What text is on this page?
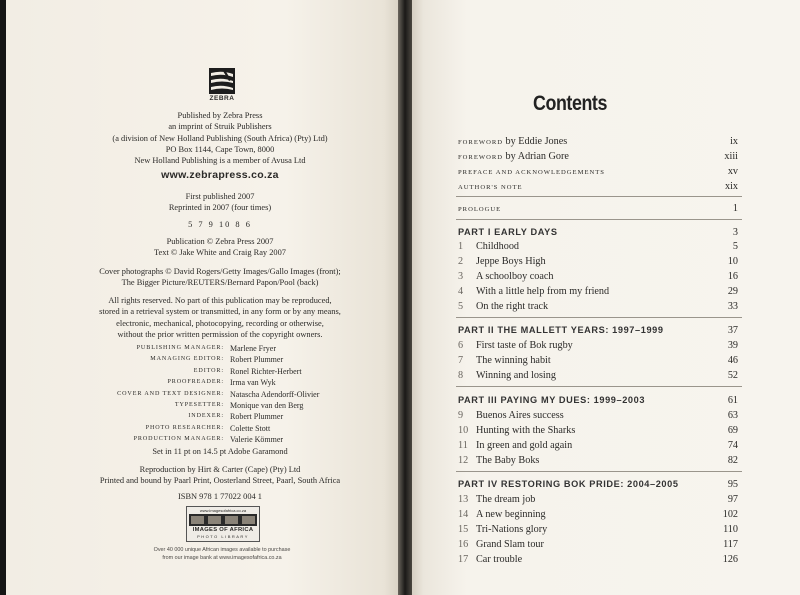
ZEBRA
Published by Zebra Press
an imprint of Struik Publishers
(a division of New Holland Publishing (South Africa) (Pty) Ltd)
PO Box 1144, Cape Town, 8000
New Holland Publishing is a member of Avusa Ltd
www.zebrapress.co.za
First published 2007
Reprinted in 2007 (four times)
5 7 9 10 8 6
Publication © Zebra Press 2007
Text © Jake White and Craig Ray 2007
Cover photographs © David Rogers/Getty Images/Gallo Images (front);
The Bigger Picture/REUTERS/Bernard Papon/Pool (back)
All rights reserved. No part of this publication may be reproduced,
stored in a retrieval system or transmitted, in any form or by any means,
electronic, mechanical, photocopying, recording or otherwise,
without the prior written permission of the copyright owners.
PUBLISHING MANAGER: Marlene Fryer
MANAGING EDITOR: Robert Plummer
EDITOR: Ronel Richter-Herbert
PROOFREADER: Irma van Wyk
COVER AND TEXT DESIGNER: Natascha Adendorff-Olivier
TYPESETTER: Monique van den Berg
INDEXER: Robert Plummer
PHOTO RESEARCHER: Colette Stott
PRODUCTION MANAGER: Valerie Kömmer
Set in 11 pt on 14.5 pt Adobe Garamond
Reproduction by Hirt & Carter (Cape) (Pty) Ltd
Printed and bound by Paarl Print, Oosterland Street, Paarl, South Africa
ISBN 978 1 77022 004 1
www.imagesofafrica.co.za
IMAGES OF AFRICA
PHOTO LIBRARY
Over 40 000 unique African images available to purchase
from our image bank at www.imagesofafrica.co.za
Contents
FOREWORD by Eddie Jones	ix
FOREWORD by Adrian Gore	xiii
PREFACE AND ACKNOWLEDGEMENTS	xv
AUTHOR'S NOTE	xix
PROLOGUE	1
PART I EARLY DAYS	3
1 Childhood	5
2 Jeppe Boys High	10
3 A schoolboy coach	16
4 With a little help from my friend	29
5 On the right track	33
PART II THE MALLETT YEARS: 1997–1999	37
6 First taste of Bok rugby	39
7 The winning habit	46
8 Winning and losing	52
PART III PAYING MY DUES: 1999–2003	61
9 Buenos Aires success	63
10 Hunting with the Sharks	69
11 In green and gold again	74
12 The Baby Boks	82
PART IV RESTORING BOK PRIDE: 2004–2005	95
13 The dream job	97
14 A new beginning	102
15 Tri-Nations glory	110
16 Grand Slam tour	117
17 Car trouble	126
